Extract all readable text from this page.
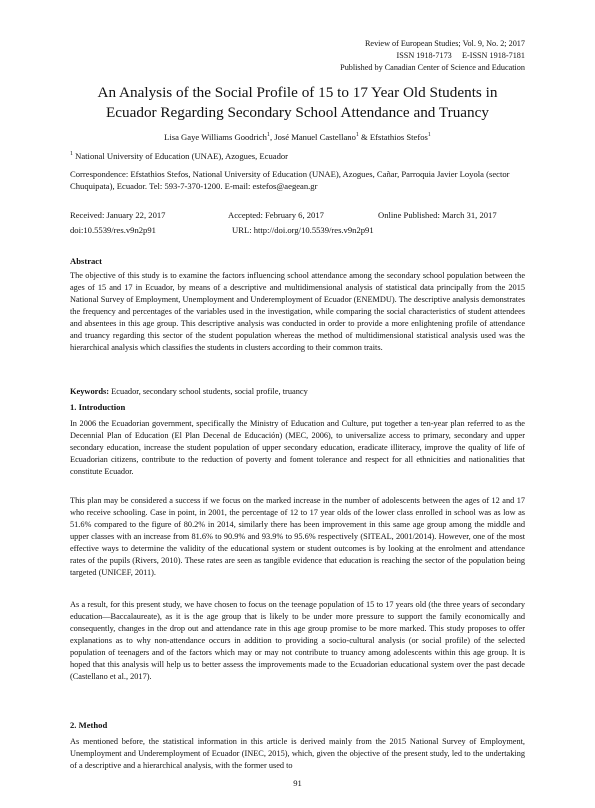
Review of European Studies; Vol. 9, No. 2; 2017
ISSN 1918-7173     E-ISSN 1918-7181
Published by Canadian Center of Science and Education
An Analysis of the Social Profile of 15 to 17 Year Old Students in
Ecuador Regarding Secondary School Attendance and Truancy
Lisa Gaye Williams Goodrich$^1$, José Manuel Castellano$^1$ & Efstathios Stefos$^1$
$^1$ National University of Education (UNAE), Azogues, Ecuador
Correspondence: Efstathios Stefos, National University of Education (UNAE), Azogues, Cañar, Parroquia Javier Loyola (sector Chuquipata), Ecuador. Tel: 593-7-370-1200. E-mail: estefos@aegean.gr
Received: January 22, 2017	Accepted: February 6, 2017	Online Published: March 31, 2017
doi:10.5539/res.v9n2p91	URL: http://doi.org/10.5539/res.v9n2p91
Abstract

The objective of this study is to examine the factors influencing school attendance among the secondary school population between the ages of 15 and 17 in Ecuador, by means of a descriptive and multidimensional analysis of statistical data principally from the 2015 National Survey of Employment, Unemployment and Underemployment of Ecuador (ENEMDU). The descriptive analysis demonstrates the frequency and percentages of the variables used in the investigation, while comparing the social characteristics of student attendees and absentees in this age group. This descriptive analysis was conducted in order to provide a more enlightening profile of attendance and truancy regarding this sector of the student population whereas the method of multidimensional statistical analysis used was the hierarchical analysis which classifies the students in clusters according to their common traits.

Keywords: Ecuador, secondary school students, social profile, truancy
1. Introduction

In 2006 the Ecuadorian government, specifically the Ministry of Education and Culture, put together a ten-year plan referred to as the Decennial Plan of Education (El Plan Decenal de Educación) (MEC, 2006), to universalize access to primary, secondary and upper secondary education, increase the student population of upper secondary education, eradicate illiteracy, improve the quality of life of Ecuadorian citizens, contribute to the reduction of poverty and foment tolerance and respect for all ethnicities and nationalities that constitute Ecuador.

This plan may be considered a success if we focus on the marked increase in the number of adolescents between the ages of 12 and 17 who receive schooling. Case in point, in 2001, the percentage of 12 to 17 year olds of the lower class enrolled in school was as low as 51.6% compared to the figure of 80.2% in 2014, similarly there has been improvement in this same age group among the middle and upper classes with an increase from 81.6% to 90.9% and 93.9% to 95.6% respectively (SITEAL, 2001/2014). However, one of the most effective ways to determine the validity of the educational system or student outcomes is by looking at the enrolment and attendance rates of the pupils (Rivers, 2010). These rates are seen as tangible evidence that education is reaching the sector of the population being targeted (UNICEF, 2011).

As a result, for this present study, we have chosen to focus on the teenage population of 15 to 17 years old (the three years of secondary education—Baccalaureate), as it is the age group that is likely to be under more pressure to support the family economically and consequently, changes in the drop out and attendance rate in this age group promise to be more marked. This study proposes to offer explanations as to why non-attendance occurs in addition to providing a socio-cultural analysis (or social profile) of the selected population of teenagers and of the factors which may or may not contribute to truancy among adolescents within this age group. It is hoped that this analysis will help us to better assess the improvements made to the Ecuadorian educational system over the past decade (Castellano et al., 2017).

2. Method

As mentioned before, the statistical information in this article is derived mainly from the 2015 National Survey of Employment, Unemployment and Underemployment of Ecuador (INEC, 2015), which, given the objective of the present study, led to the undertaking of a descriptive and a hierarchical analysis, with the former used to

91
